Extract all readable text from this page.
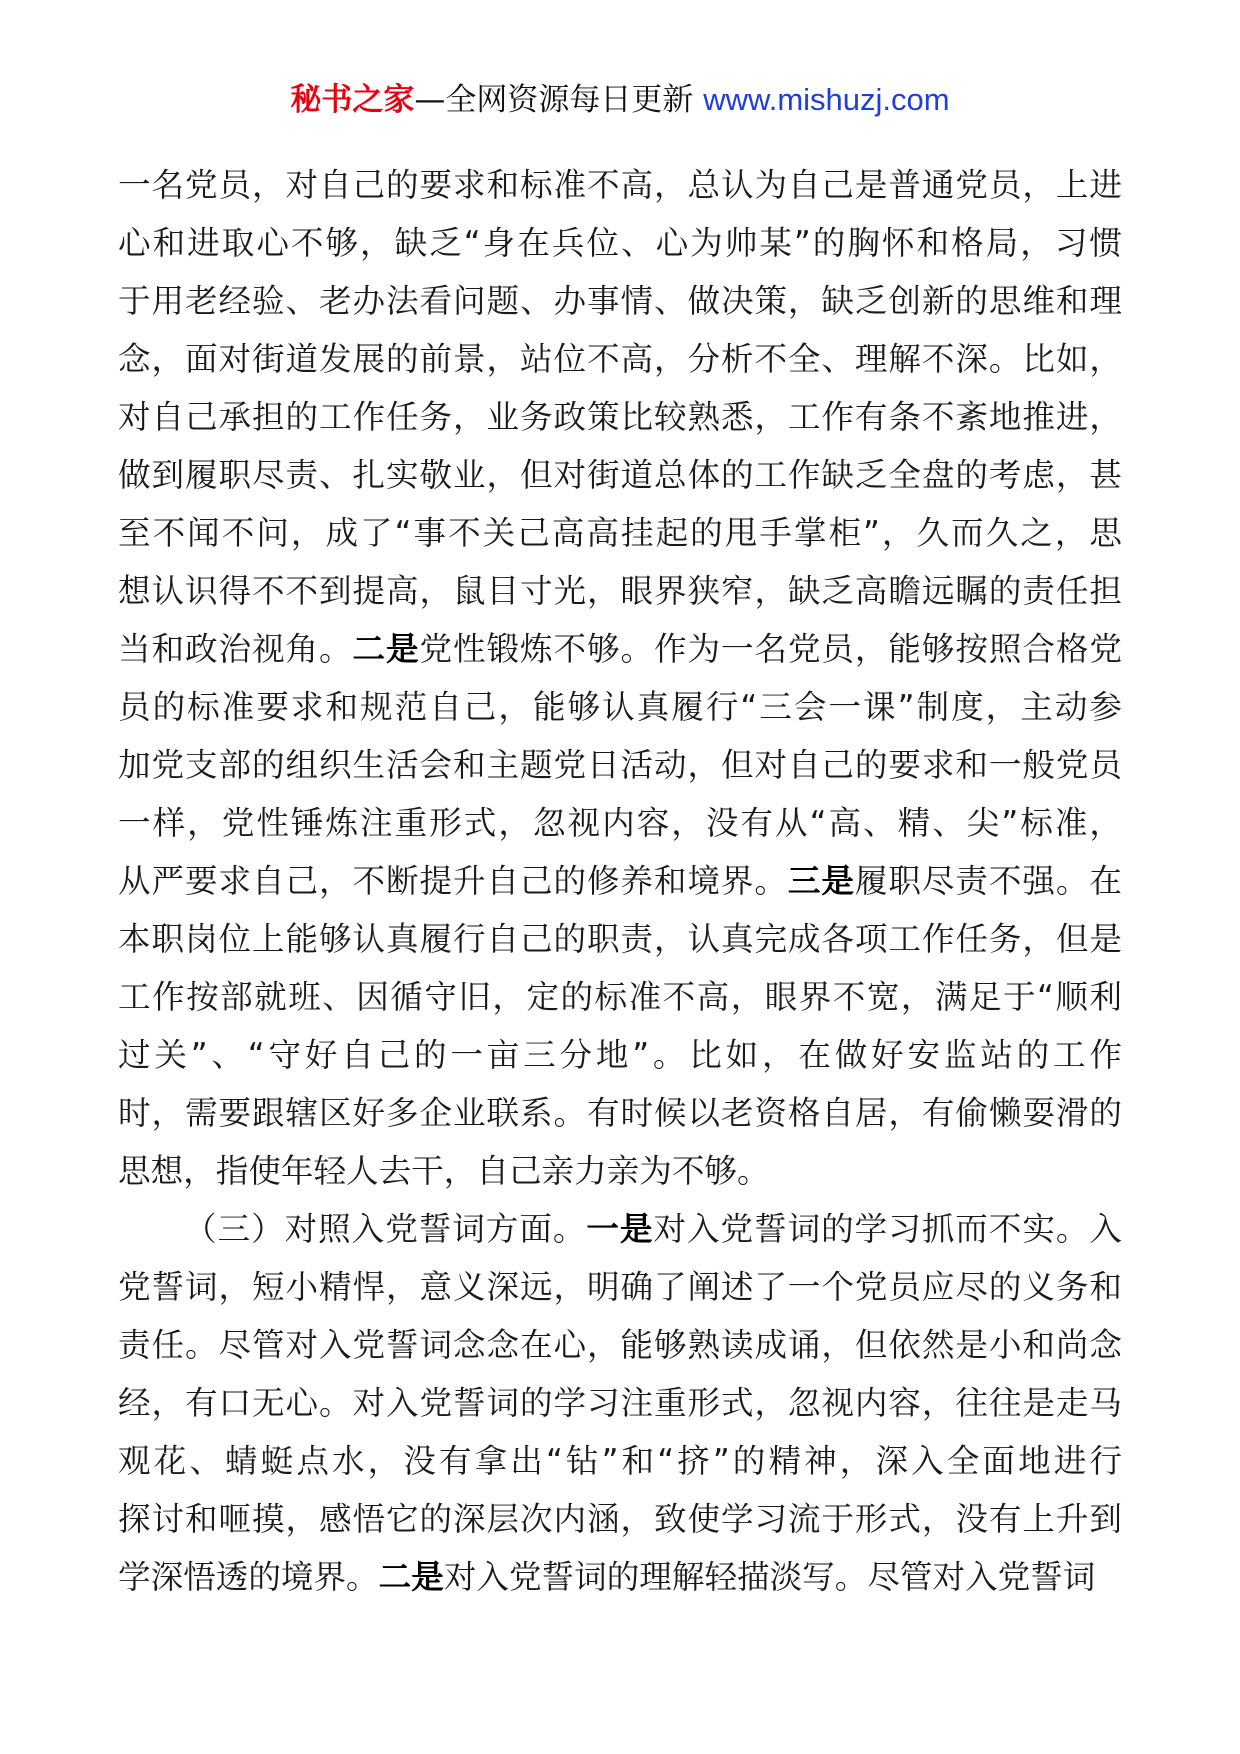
秘书之家—全网资源每日更新 www.mishuzj.com
一名党员，对自己的要求和标准不高，总认为自己是普通党员，上进
心和进取心不够，缺乏“身在兵位、心为帅某”的胸怀和格局，习惯
于用老经验、老办法看问题、办事情、做决策，缺乏创新的思维和理
念，面对街道发展的前景，站位不高，分析不全、理解不深。比如，
对自己承担的工作任务，业务政策比较熟悉，工作有条不紊地推进，
做到履职尽责、扎实敬业，但对街道总体的工作缺乏全盘的考虑，甚
至不闻不问，成了“事不关己高高挂起的甩手掌柜”，久而久之，思
想认识得不不到提高，鼠目寸光，眼界狭窄，缺乏高瞻远瞩的责任担
当和政治视角。二是党性锻炼不够。作为一名党员，能够按照合格党
员的标准要求和规范自己，能够认真履行“三会一课”制度，主动参
加党支部的组织生活会和主题党日活动，但对自己的要求和一般党员
一样，党性锤炼注重形式，忽视内容，没有从“高、精、尖”标准，
从严要求自己，不断提升自己的修养和境界。三是履职尽责不强。在
本职岗位上能够认真履行自己的职责，认真完成各项工作任务，但是
工作按部就班、因循守旧，定的标准不高，眼界不宽，满足于“顺利
过关”、“守好自己的一亩三分地”。比如，在做好安监站的工作
时，需要跟辖区好多企业联系。有时候以老资格自居，有偷懒耍滑的
思想，指使年轻人去干，自己亲力亲为不够。
（三）对照入党誓词方面。一是对入党誓词的学习抓而不实。入
党誓词，短小精悍，意义深远，明确了阐述了一个党员应尽的义务和
责任。尽管对入党誓词念念在心，能够熟读成诵，但依然是小和尚念
经，有口无心。对入党誓词的学习注重形式，忽视内容，往往是走马
观花、蜻蜓点水，没有拿出“钻”和“挤”的精神，深入全面地进行
探讨和咂摸，感悟它的深层次内涵，致使学习流于形式，没有上升到
学深悟透的境界。二是对入党誓词的理解轻描淡写。尽管对入党誓词
